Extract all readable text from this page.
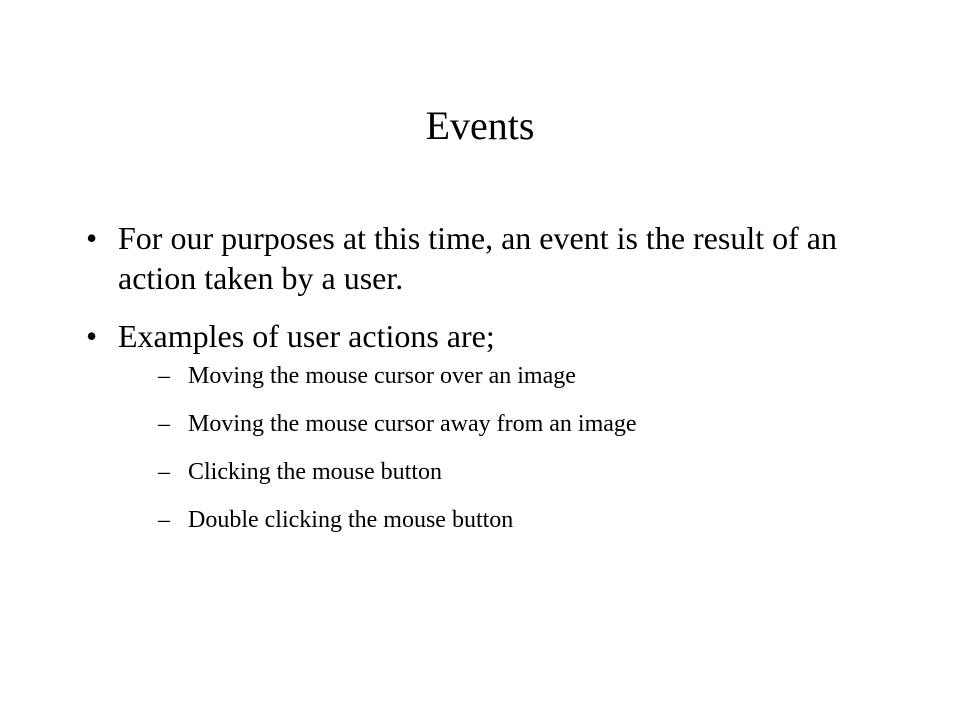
Events
• For our purposes at this time, an event is the result of an action taken by a user.
• Examples of user actions are;
– Moving the mouse cursor over an image
– Moving the mouse cursor away from an image
– Clicking the mouse button
– Double clicking the mouse button
